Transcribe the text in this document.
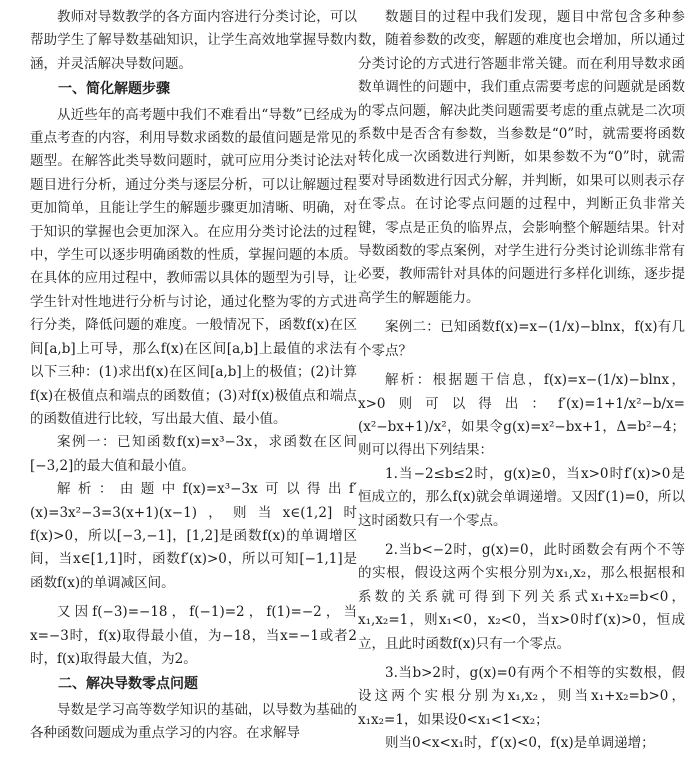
教师对导数教学的各方面内容进行分类讨论，可以帮助学生了解导数基础知识，让学生高效地掌握导数内涵，并灵活解决导数问题。

一、简化解题步骤

从近些年的高考题中我们不难看出“导数”已经成为重点考查的内容，利用导数求函数的最值问题是常见的题型。在解答此类导数问题时，就可应用分类讨论法对题目进行分析，通过分类与逐层分析，可以让解题过程更加简单，且能让学生的解题步骤更加清晰、明确，对于知识的掌握也会更加深入。在应用分类讨论法的过程中，学生可以逐步明确函数的性质，掌握问题的本质。在具体的应用过程中，教师需以具体的题型为引导，让学生针对性地进行分析与讨论，通过化整为零的方式进行分类，降低问题的难度。一般情况下，函数f(x)在区间[a,b]上可导，那么f(x)在区间[a,b]上最值的求法有以下三种：(1)求出f(x)在区间[a,b]上的极值；(2)计算f(x)在极值点和端点的函数值；(3)对f(x)极值点和端点的函数值进行比较，写出最大值、最小值。

案例一：已知函数f(x)=x³−3x，求函数在区间[−3,2]的最大值和最小值。

解析：由题中f(x)=x³−3x可以得出f′(x)=3x²−3=3(x+1)(x−1)，则当x∈(1,2]时f(x)>0，所以[−3,−1]，[1,2]是函数f(x)的单调增区间，当x∈[1,1]时，函数f′(x)>0，所以可知[−1,1]是函数f(x)的单调减区间。

又因f(−3)=−18，f(−1)=2，f(1)=−2，当x=−3时，f(x)取得最小值，为−18，当x=−1或者2时，f(x)取得最大值，为2。

二、解决导数零点问题

导数是学习高等数学知识的基础，以导数为基础的各种函数问题成为重点学习的内容。在求解导

数题目的过程中我们发现，题目中常包含多种参数，随着参数的改变，解题的难度也会增加，所以通过分类讨论的方式进行答题非常关键。而在利用导数求函数单调性的问题中，我们重点需要考虑的问题就是函数的零点问题，解决此类问题需要考虑的重点就是二次项系数中是否含有参数，当参数是“0”时，就需要将函数转化成一次函数进行判断，如果参数不为“0”时，就需要对导函数进行因式分解，并判断，如果可以则表示存在零点。在讨论零点问题的过程中，判断正负非常关键，零点是正负的临界点，会影响整个解题结果。针对导数函数的零点案例，对学生进行分类讨论训练非常有必要，教师需针对具体的问题进行多样化训练，逐步提高学生的解题能力。

案例二：已知函数f(x)=x−(1/x)−blnx，f(x)有几个零点？

解析：根据题干信息，f(x)=x−(1/x)−blnx，x>0则可以得出：f′(x)=1+1/x²−b/x=(x²−bx+1)/x²，如果令g(x)=x²−bx+1，Δ=b²−4；则可以得出下列结果：

1.当−2≤b≤2时，g(x)≥0，当x>0时f′(x)>0是恒成立的，那么f(x)就会单调递增。又因f′(1)=0，所以这时函数只有一个零点。

2.当b<−2时，g(x)=0，此时函数会有两个不等的实根，假设这两个实根分别为x₁,x₂，那么根据根和系数的关系就可得到下列关系式x₁+x₂=b<0，x₁,x₂=1，则x₁<0，x₂<0，当x>0时f′(x)>0，恒成立，且此时函数f(x)只有一个零点。

3.当b>2时，g(x)=0有两个不相等的实数根，假设这两个实根分别为x₁,x₂，则当x₁+x₂=b>0，x₁x₂=1，如果设0<x₁<1<x₂；

则当0<x<x₁时，f′(x)<0，f(x)是单调递增；
